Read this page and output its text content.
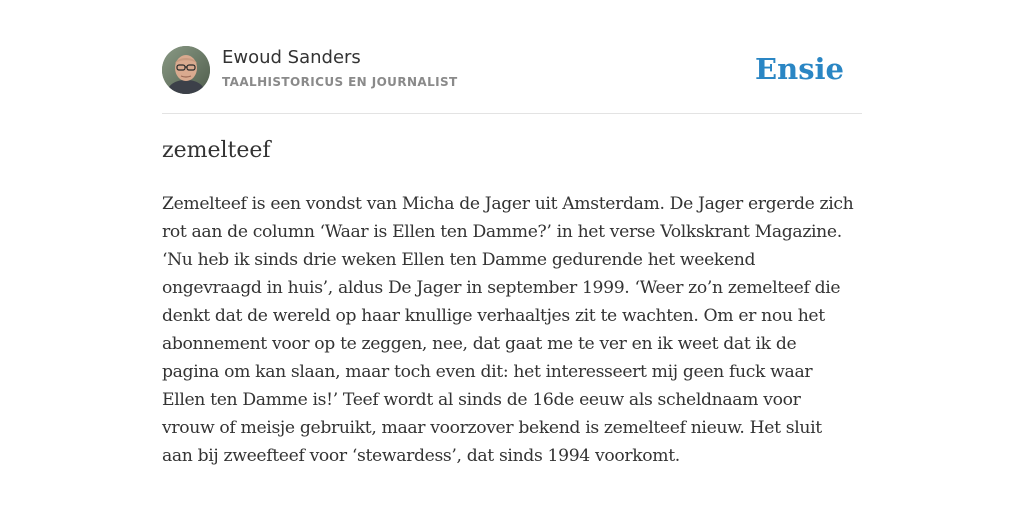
Ewoud Sanders
TAALHISTORICUS EN JOURNALIST	Ensie
zemelteef

Zemelteef is een vondst van Micha de Jager uit Amsterdam. De Jager ergerde zich
rot aan de column ‘Waar is Ellen ten Damme?’ in het verse Volkskrant Magazine.
‘Nu heb ik sinds drie weken Ellen ten Damme gedurende het weekend
ongevraagd in huis’, aldus De Jager in september 1999. ‘Weer zo’n zemelteef die
denkt dat de wereld op haar knullige verhaaltjes zit te wachten. Om er nou het
abonnement voor op te zeggen, nee, dat gaat me te ver en ik weet dat ik de
pagina om kan slaan, maar toch even dit: het interesseert mij geen fuck waar
Ellen ten Damme is!’ Teef wordt al sinds de 16de eeuw als scheldnaam voor
vrouw of meisje gebruikt, maar voorzover bekend is zemelteef nieuw. Het sluit
aan bij zweefteef voor ‘stewardess’, dat sinds 1994 voorkomt.
